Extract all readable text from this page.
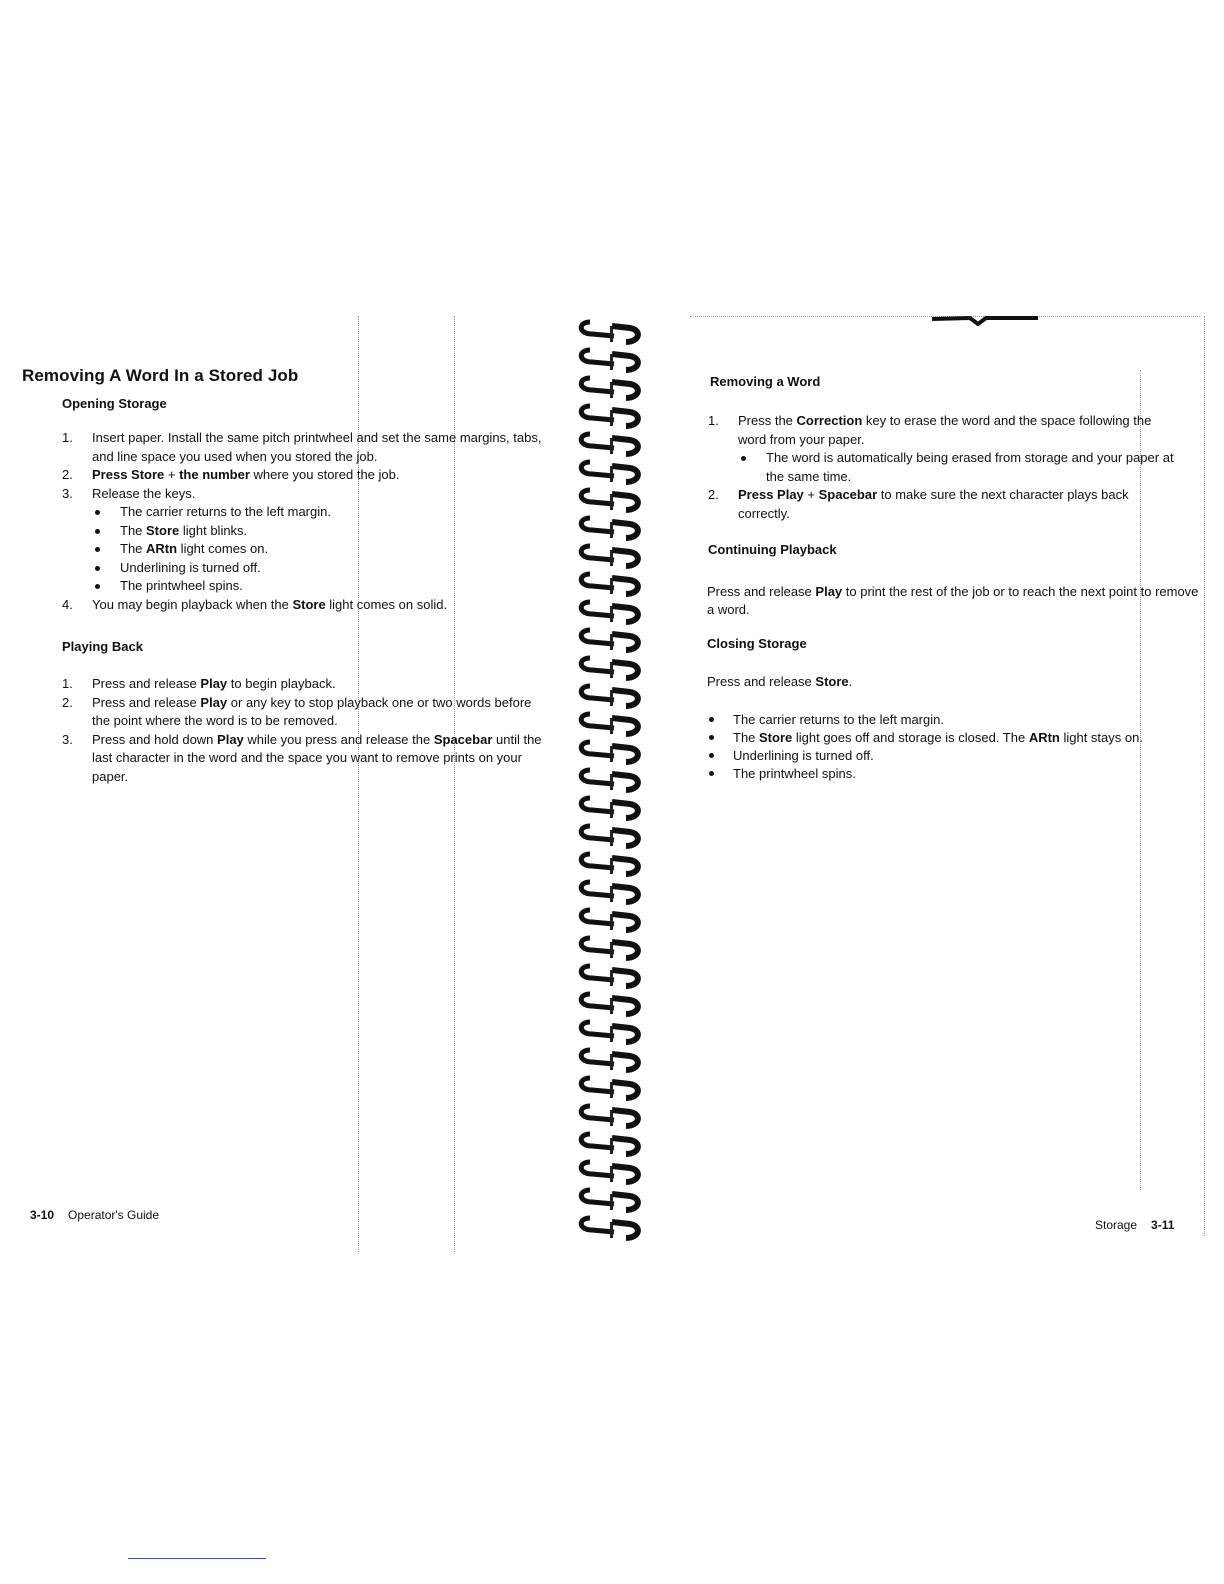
Removing A Word In a Stored Job
Opening Storage
1. Insert paper. Install the same pitch printwheel and set the same margins, tabs, and line space you used when you stored the job.
2. Press Store + the number where you stored the job.
3. Release the keys.
The carrier returns to the left margin.
The Store light blinks.
The ARtn light comes on.
Underlining is turned off.
The printwheel spins.
4. You may begin playback when the Store light comes on solid.
Playing Back
1. Press and release Play to begin playback.
2. Press and release Play or any key to stop playback one or two words before the point where the word is to be removed.
3. Press and hold down Play while you press and release the Spacebar until the last character in the word and the space you want to remove prints on your paper.
3-10 Operator's Guide
Removing a Word
1. Press the Correction key to erase the word and the space following the word from your paper.
The word is automatically being erased from storage and your paper at the same time.
2. Press Play + Spacebar to make sure the next character plays back correctly.
Continuing Playback

Press and release Play to print the rest of the job or to reach the next point to remove a word.

Closing Storage

Press and release Store.

The carrier returns to the left margin.
The Store light goes off and storage is closed. The ARtn light stays on.
Underlining is turned off.
The printwheel spins.
Storage 3-11
